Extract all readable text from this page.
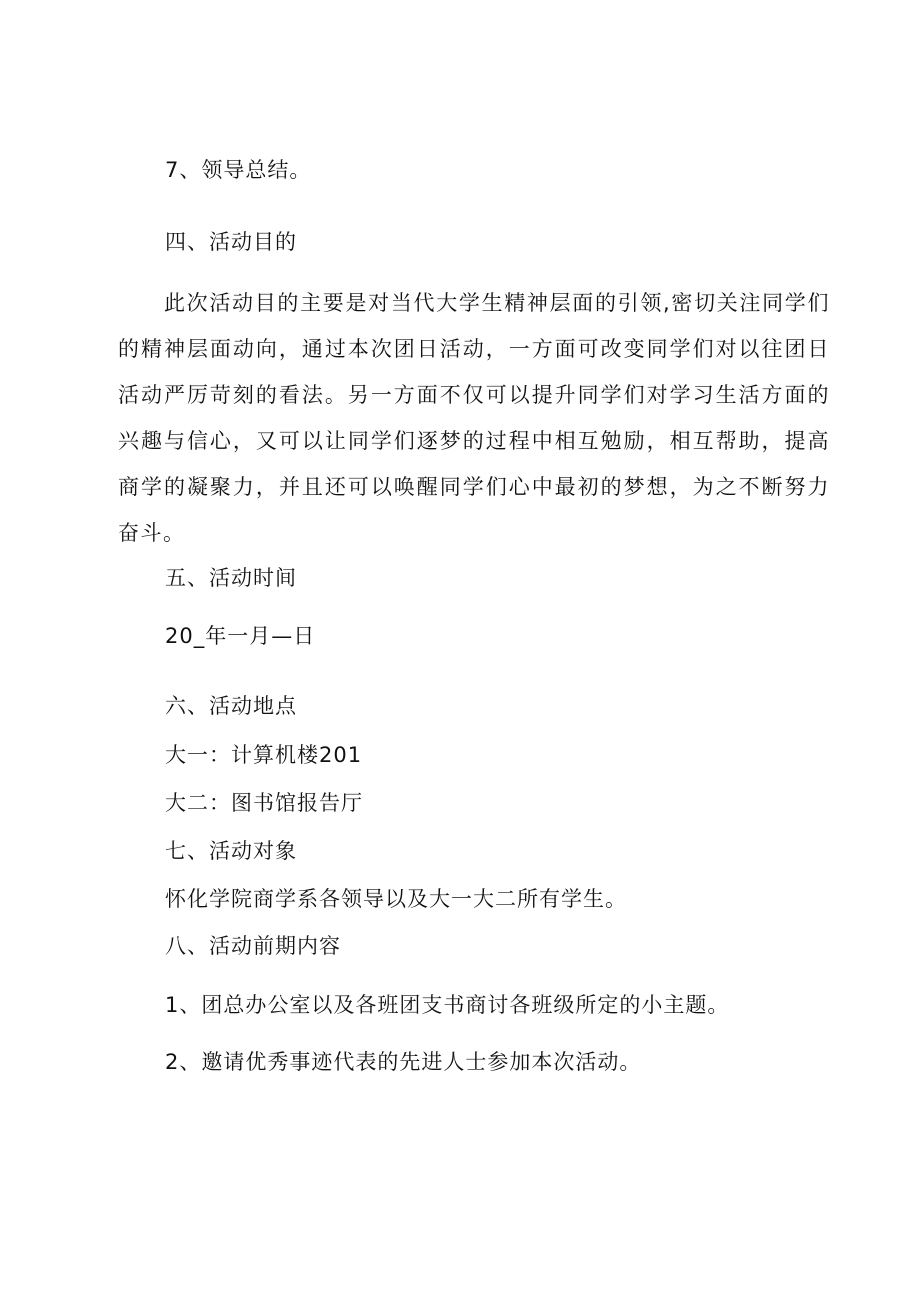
7、领导总结。
四、活动目的
此次活动目的主要是对当代大学生精神层面的引领,密切关注同学们的精神层面动向，通过本次团日活动，一方面可改变同学们对以往团日活动严厉苛刻的看法。另一方面不仅可以提升同学们对学习生活方面的兴趣与信心，又可以让同学们逐梦的过程中相互勉励，相互帮助，提高商学的凝聚力，并且还可以唤醒同学们心中最初的梦想，为之不断努力奋斗。
五、活动时间
20_年一月—日
六、活动地点
大一：计算机楼201
大二：图书馆报告厅
七、活动对象
怀化学院商学系各领导以及大一大二所有学生。
八、活动前期内容
1、团总办公室以及各班团支书商讨各班级所定的小主题。
2、邀请优秀事迹代表的先进人士参加本次活动。
